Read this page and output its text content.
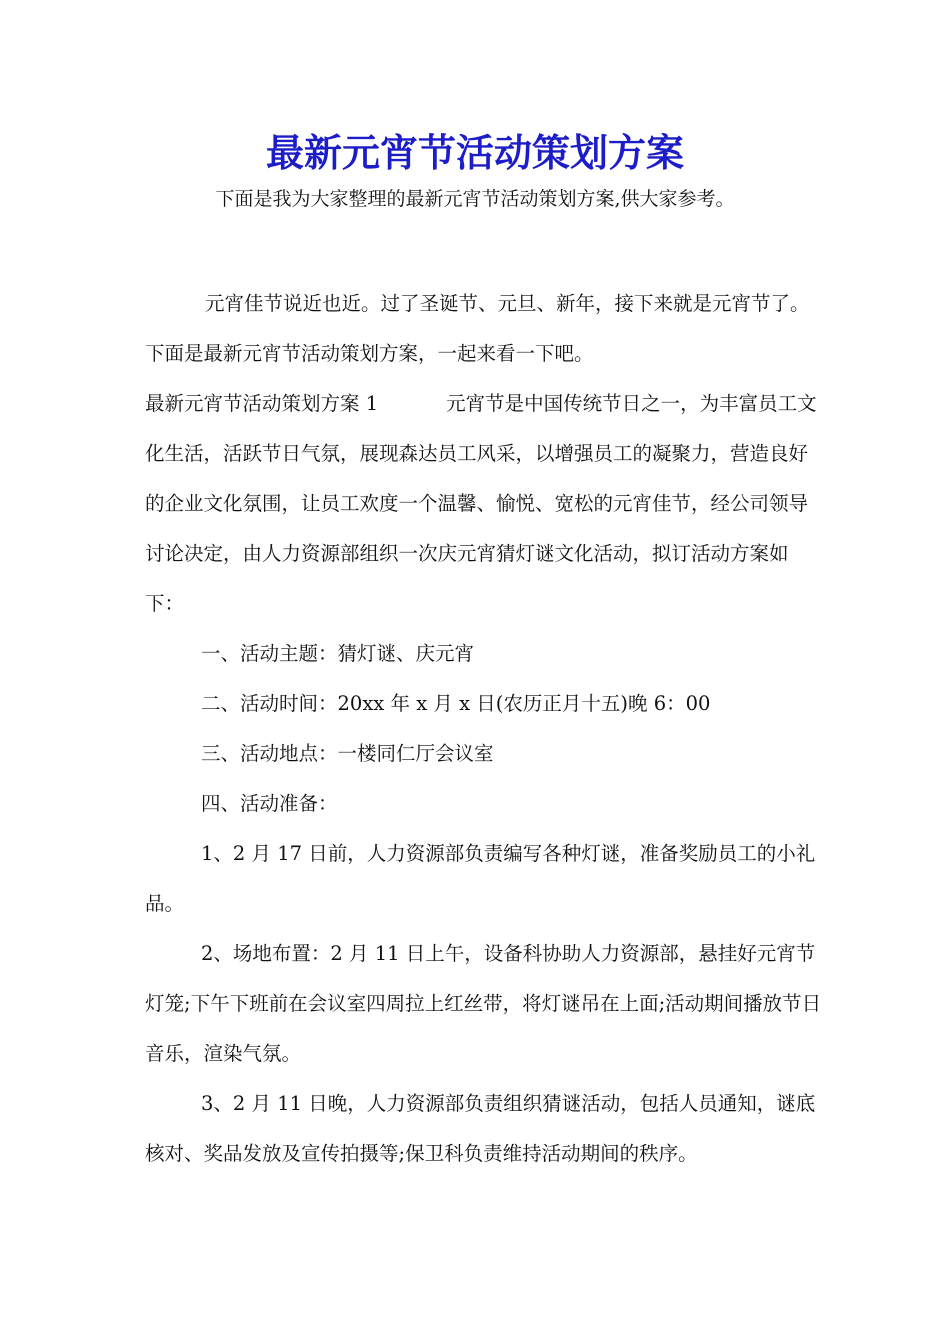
最新元宵节活动策划方案

下面是我为大家整理的最新元宵节活动策划方案,供大家参考。

元宵佳节说近也近。过了圣诞节、元旦、新年，接下来就是元宵节了。下面是最新元宵节活动策划方案，一起来看一下吧。

最新元宵节活动策划方案 1	元宵节是中国传统节日之一，为丰富员工文化生活，活跃节日气氛，展现森达员工风采，以增强员工的凝聚力，营造良好的企业文化氛围，让员工欢度一个温馨、愉悦、宽松的元宵佳节，经公司领导讨论决定，由人力资源部组织一次庆元宵猜灯谜文化活动，拟订活动方案如下：

一、活动主题：猜灯谜、庆元宵

二、活动时间：20xx 年 x 月 x 日(农历正月十五)晚 6：00

三、活动地点：一楼同仁厅会议室

四、活动准备：

1、2 月 17 日前，人力资源部负责编写各种灯谜，准备奖励员工的小礼品。

2、场地布置：2 月 11 日上午，设备科协助人力资源部，悬挂好元宵节灯笼;下午下班前在会议室四周拉上红丝带，将灯谜吊在上面;活动期间播放节日音乐，渲染气氛。

3、2 月 11 日晚，人力资源部负责组织猜谜活动，包括人员通知，谜底核对、奖品发放及宣传拍摄等;保卫科负责维持活动期间的秩序。
